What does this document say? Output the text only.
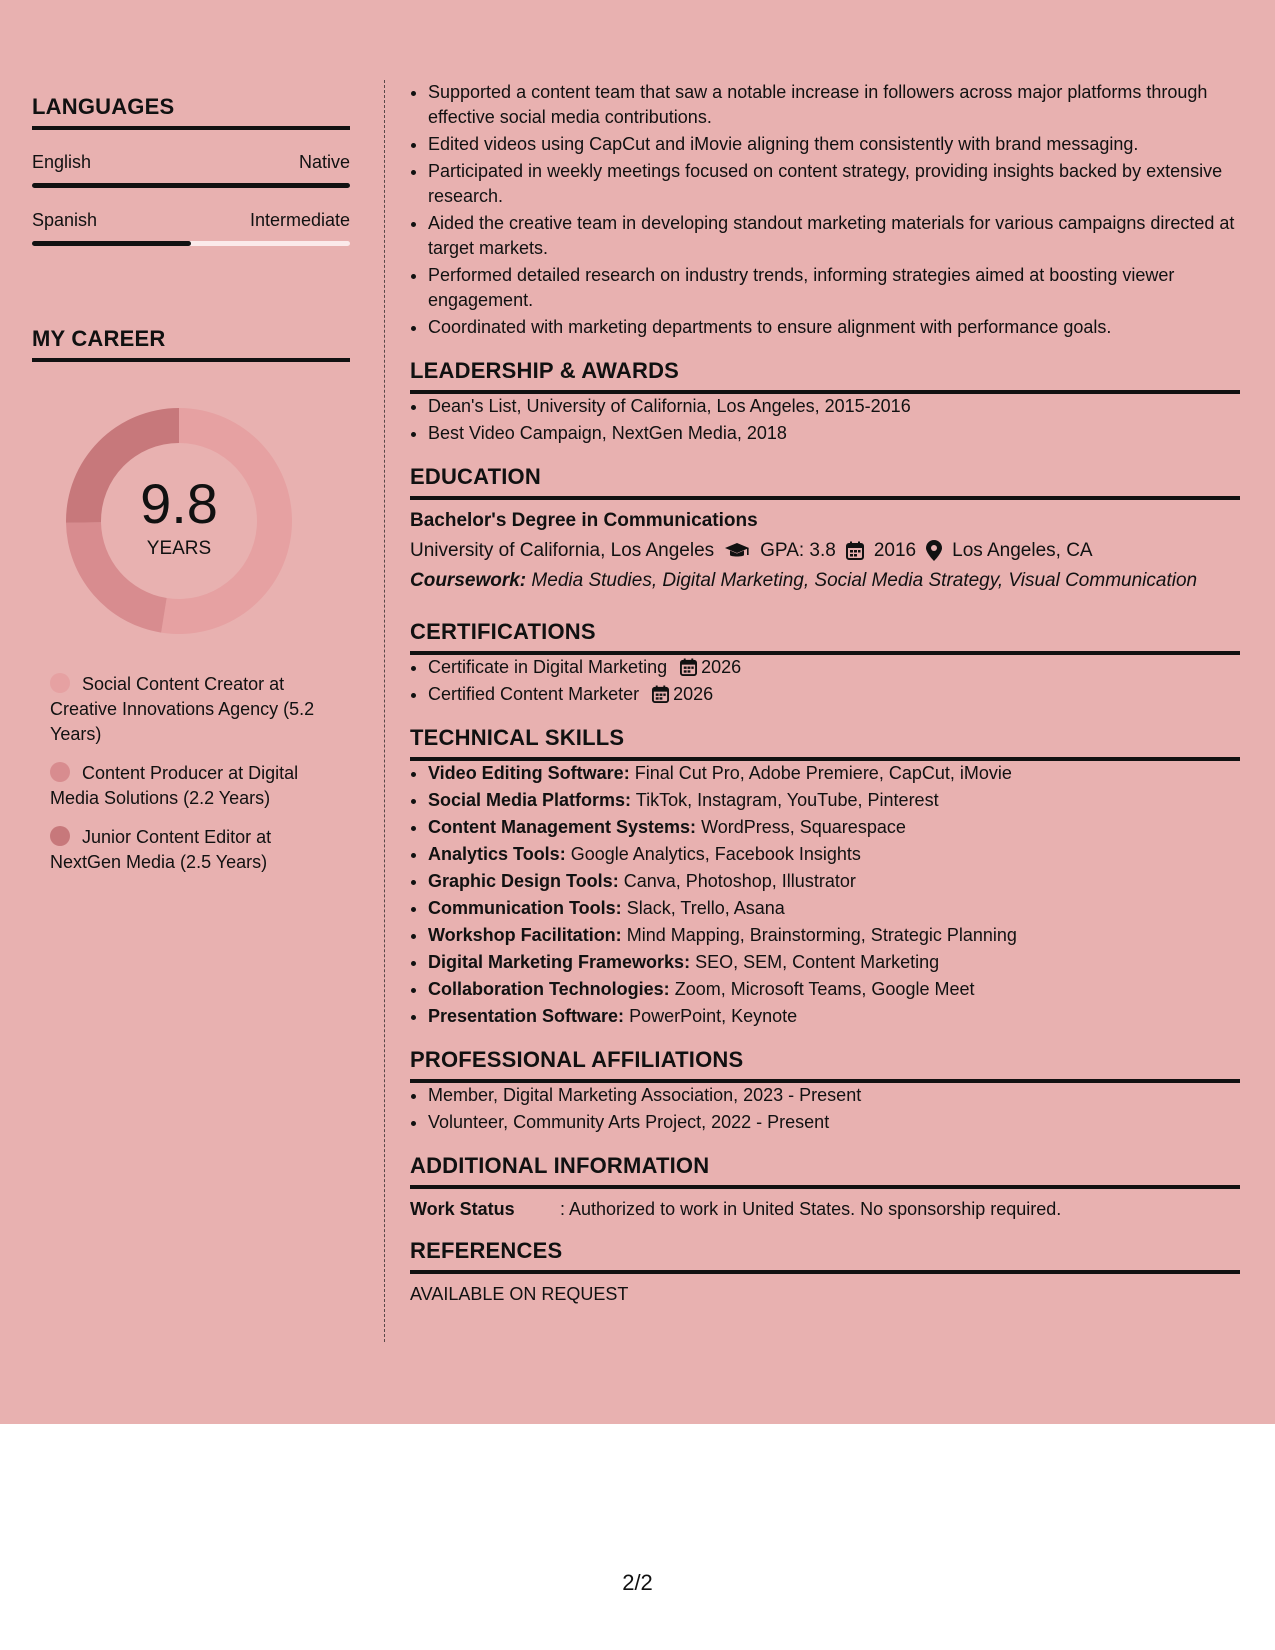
LANGUAGES
English	Native
Spanish	Intermediate
MY CAREER
9.8
YEARS
Social Content Creator at Creative Innovations Agency (5.2 Years)
Content Producer at Digital Media Solutions (2.2 Years)
Junior Content Editor at NextGen Media (2.5 Years)
• Supported a content team that saw a notable increase in followers across major platforms through effective social media contributions.
• Edited videos using CapCut and iMovie aligning them consistently with brand messaging.
• Participated in weekly meetings focused on content strategy, providing insights backed by extensive research.
• Aided the creative team in developing standout marketing materials for various campaigns directed at target markets.
• Performed detailed research on industry trends, informing strategies aimed at boosting viewer engagement.
• Coordinated with marketing departments to ensure alignment with performance goals.
LEADERSHIP & AWARDS
• Dean's List, University of California, Los Angeles, 2015-2016
• Best Video Campaign, NextGen Media, 2018
EDUCATION
Bachelor's Degree in Communications
University of California, Los Angeles GPA: 3.8 2016 Los Angeles, CA
Coursework: Media Studies, Digital Marketing, Social Media Strategy, Visual Communication
CERTIFICATIONS
• Certificate in Digital Marketing 2026
• Certified Content Marketer 2026
TECHNICAL SKILLS
• Video Editing Software: Final Cut Pro, Adobe Premiere, CapCut, iMovie
• Social Media Platforms: TikTok, Instagram, YouTube, Pinterest
• Content Management Systems: WordPress, Squarespace
• Analytics Tools: Google Analytics, Facebook Insights
• Graphic Design Tools: Canva, Photoshop, Illustrator
• Communication Tools: Slack, Trello, Asana
• Workshop Facilitation: Mind Mapping, Brainstorming, Strategic Planning
• Digital Marketing Frameworks: SEO, SEM, Content Marketing
• Collaboration Technologies: Zoom, Microsoft Teams, Google Meet
• Presentation Software: PowerPoint, Keynote
PROFESSIONAL AFFILIATIONS
• Member, Digital Marketing Association, 2023 - Present
• Volunteer, Community Arts Project, 2022 - Present
ADDITIONAL INFORMATION
Work Status	: Authorized to work in United States. No sponsorship required.
REFERENCES
AVAILABLE ON REQUEST
2/2
